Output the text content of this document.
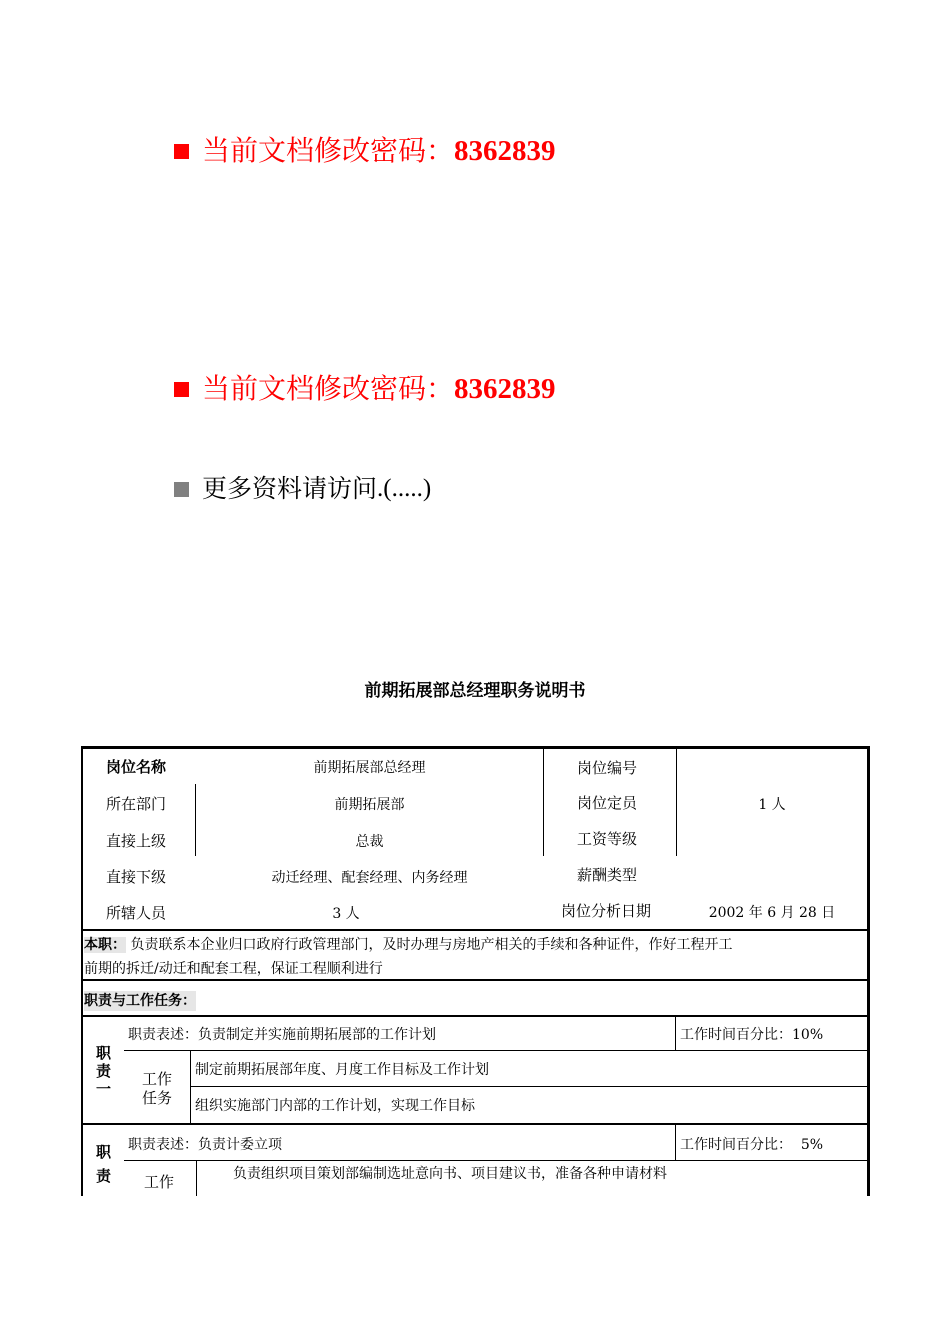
当前文档修改密码： 8362839
当前文档修改密码： 8362839
更多资料请访问 .(.....)
前期拓展部总经理职务说明书
岗位名称	前期拓展部总经理	岗位编号
所在部门	前期拓展部	岗位定员	1 人
直接上级	总裁	工资等级
直接下级	动迁经理、配套经理、内务经理	薪酬类型
所辖人员	3 人	岗位分析日期	2002 年 6 月 28 日
本职： 负责联系本企业归口政府行政管理部门，及时办理与房地产相关的手续和各种证件，作好工程开工
前期的拆迁/动迁和配套工程，保证工程顺利进行
职责与工作任务：
职
责
一
职责表述：负责制定并实施前期拓展部的工作计划	工作时间百分比：10%
工作
任务
制定前期拓展部年度、月度工作目标及工作计划
组织实施部门内部的工作计划，实现工作目标
职
责
职责表述：负责计委立项	工作时间百分比：  5%
工作	负责组织项目策划部编制选址意向书、项目建议书，准备各种申请材料
